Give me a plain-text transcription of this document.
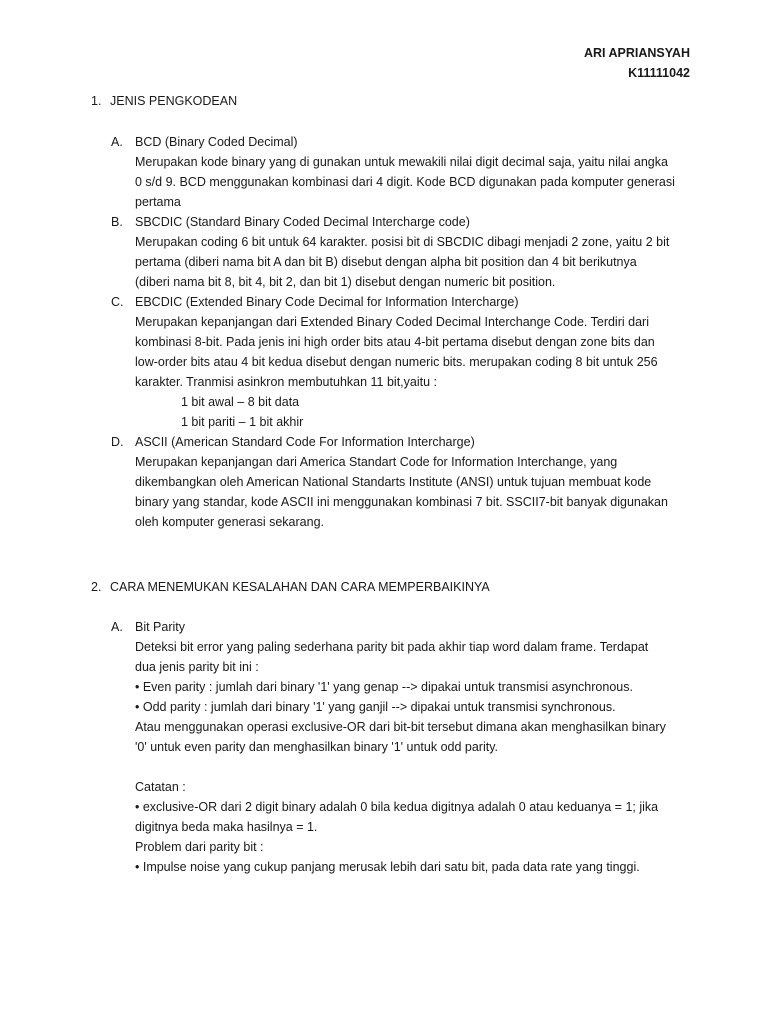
ARI APRIANSYAH
K11111042
1. JENIS PENGKODEAN
A. BCD (Binary Coded Decimal)
Merupakan kode binary yang di gunakan untuk mewakili nilai digit decimal saja, yaitu nilai angka
0 s/d 9. BCD menggunakan kombinasi dari 4 digit. Kode BCD digunakan pada komputer generasi
pertama
B. SBCDIC (Standard Binary Coded Decimal Intercharge code)
Merupakan coding 6 bit untuk 64 karakter. posisi bit di SBCDIC dibagi menjadi 2 zone, yaitu 2 bit
pertama (diberi nama bit A dan bit B) disebut dengan alpha bit position dan 4 bit berikutnya
(diberi nama bit 8, bit 4, bit 2, dan bit 1) disebut dengan numeric bit position.
C. EBCDIC (Extended Binary Code Decimal for Information Intercharge)
Merupakan kepanjangan dari Extended Binary Coded Decimal Interchange Code. Terdiri dari
kombinasi 8-bit. Pada jenis ini high order bits atau 4-bit pertama disebut dengan zone bits dan
low-order bits atau 4 bit kedua disebut dengan numeric bits. merupakan coding 8 bit untuk 256
karakter. Tranmisi asinkron membutuhkan 11 bit,yaitu :
1 bit awal – 8 bit data
1 bit pariti – 1 bit akhir
D. ASCII (American Standard Code For Information Intercharge)
Merupakan kepanjangan dari America Standart Code for Information Interchange, yang
dikembangkan oleh American National Standarts Institute (ANSI) untuk tujuan membuat kode
binary yang standar, kode ASCII ini menggunakan kombinasi 7 bit. SSCII7-bit banyak digunakan
oleh komputer generasi sekarang.
2. CARA MENEMUKAN KESALAHAN DAN CARA MEMPERBAIKINYA
A. Bit Parity
Deteksi bit error yang paling sederhana parity bit pada akhir tiap word dalam frame. Terdapat
dua jenis parity bit ini :
• Even parity : jumlah dari binary '1' yang genap --> dipakai untuk transmisi asynchronous.
• Odd parity : jumlah dari binary '1' yang ganjil --> dipakai untuk transmisi synchronous.
Atau menggunakan operasi exclusive-OR dari bit-bit tersebut dimana akan menghasilkan binary
'0' untuk even parity dan menghasilkan binary '1' untuk odd parity.
Catatan :
• exclusive-OR dari 2 digit binary adalah 0 bila kedua digitnya adalah 0 atau keduanya = 1; jika
digitnya beda maka hasilnya = 1.
Problem dari parity bit :
• Impulse noise yang cukup panjang merusak lebih dari satu bit, pada data rate yang tinggi.
